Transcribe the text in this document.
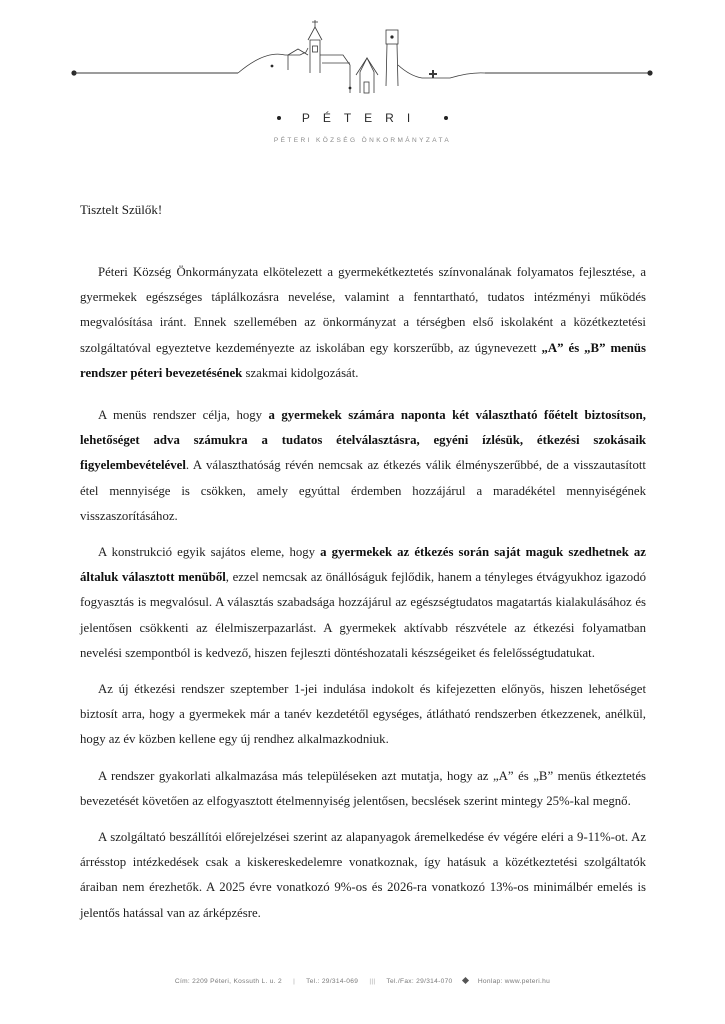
PÉTERI
PÉTERI KÖZSÉG ÖNKORMÁNYZATA
Tisztelt Szülők!

Péteri Község Önkormányzata elkötelezett a gyermekétkeztetés színvonalának folyamatos fejlesztése, a gyermekek egészséges táplálkozásra nevelése, valamint a fenntartható, tudatos intézményi működés megvalósítása iránt. Ennek szellemében az önkormányzat a térségben első iskolaként a közétkeztetési szolgáltatóval egyeztetve kezdeményezte az iskolában egy korszerűbb, az úgynevezett „A” és „B” menüs rendszer péteri bevezetésének szakmai kidolgozását.

A menüs rendszer célja, hogy a gyermekek számára naponta két választható főételt biztosítson, lehetőséget adva számukra a tudatos ételválasztásra, egyéni ízlésük, étkezési szokásaik figyelembevételével. A választhatóság révén nemcsak az étkezés válik élményszerűbbé, de a visszautasított étel mennyisége is csökken, amely egyúttal érdemben hozzájárul a maradékétel mennyiségének visszaszorításához.

A konstrukció egyik sajátos eleme, hogy a gyermekek az étkezés során saját maguk szedhetnek az általuk választott menüből, ezzel nemcsak az önállóságuk fejlődik, hanem a tényleges étvágyukhoz igazodó fogyasztás is megvalósul. A választás szabadsága hozzájárul az egészségtudatos magatartás kialakulásához és jelentősen csökkenti az élelmiszerpazarlást. A gyermekek aktívabb részvétele az étkezési folyamatban nevelési szempontból is kedvező, hiszen fejleszti döntéshozatali készségeiket és felelősségtudatukat.

Az új étkezési rendszer szeptember 1-jei indulása indokolt és kifejezetten előnyös, hiszen lehetőséget biztosít arra, hogy a gyermekek már a tanév kezdetétől egységes, átlátható rendszerben étkezzenek, anélkül, hogy az év közben kellene egy új rendhez alkalmazkodniuk.

A rendszer gyakorlati alkalmazása más településeken azt mutatja, hogy az „A” és „B” menüs étkeztetés bevezetését követően az elfogyasztott ételmennyiség jelentősen, becslések szerint mintegy 25%-kal megnő.

A szolgáltató beszállítói előrejelzései szerint az alapanyagok áremelkedése év végére eléri a 9-11%-ot. Az árrésstop intézkedések csak a kiskereskedelemre vonatkoznak, így hatásuk a közétkeztetési szolgáltatók áraiban nem érezhetők. A 2025 évre vonatkozó 9%-os és 2026-ra vonatkozó 13%-os minimálbér emelés is jelentős hatással van az árképzésre.

Cím: 2209 Péteri, Kossuth L. u. 2 | Tel.: 29/314-069 ||| Tel./Fax: 29/314-070	Honlap: www.peteri.hu
